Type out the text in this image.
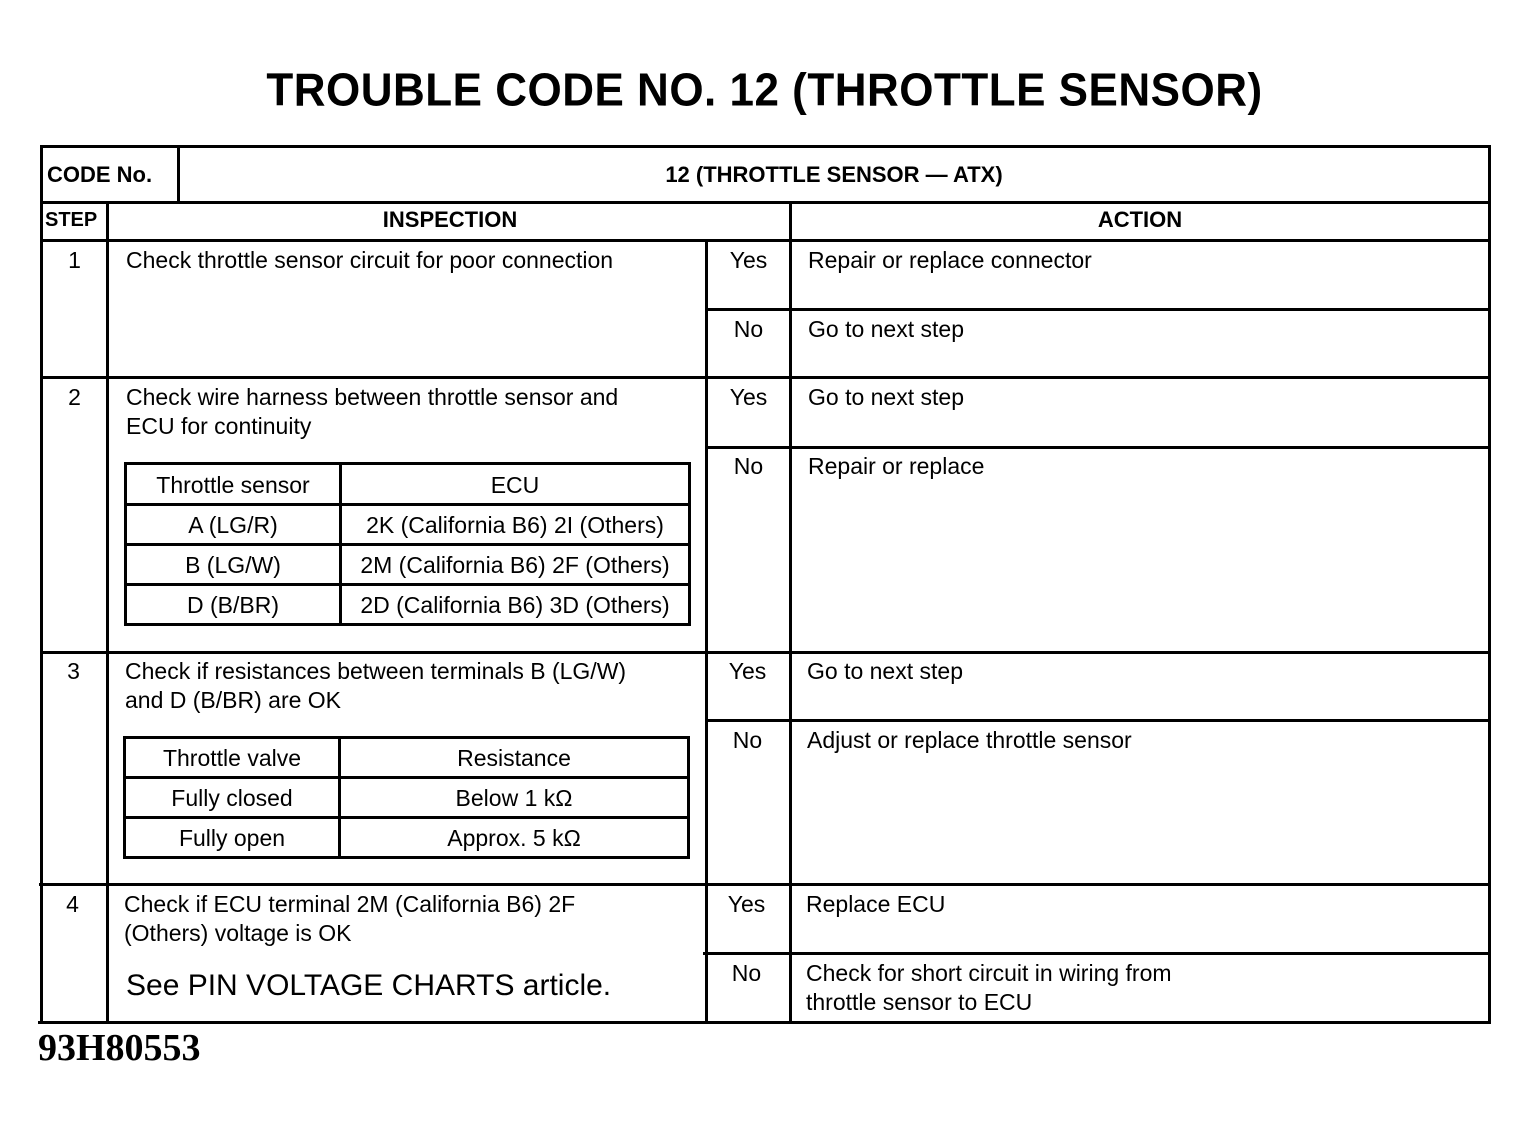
TROUBLE CODE NO. 12 (THROTTLE SENSOR)
CODE No.	12 (THROTTLE SENSOR — ATX)
STEP	INSPECTION	ACTION
1	Check throttle sensor circuit for poor connection	Yes	Repair or replace connector
No	Go to next step
2	Check wire harness between throttle sensor and
ECU for continuity
Throttle sensor	ECU
A (LG/R)	2K (California B6) 2I (Others)
B (LG/W)	2M (California B6) 2F (Others)
D (B/BR)	2D (California B6) 3D (Others)
Yes	Go to next step
No	Repair or replace
3	Check if resistances between terminals B (LG/W)
and D (B/BR) are OK
Throttle valve	Resistance
Fully closed	Below 1 kΩ
Fully open	Approx. 5 kΩ
Yes	Go to next step
No	Adjust or replace throttle sensor
4	Check if ECU terminal 2M (California B6) 2F
(Others) voltage is OK
See PIN VOLTAGE CHARTS article.
Yes	Replace ECU
No	Check for short circuit in wiring from
throttle sensor to ECU
93H80553
